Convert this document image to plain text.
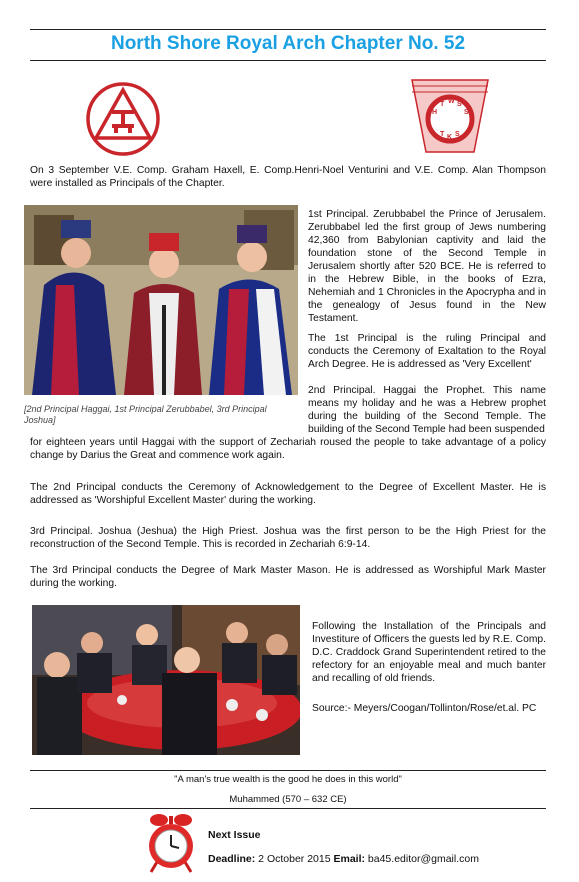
North Shore Royal Arch Chapter No. 52
H
T W S
S
T K S

On 3 September V.E. Comp. Graham Haxell, E. Comp.Henri-Noel Venturini and V.E. Comp. Alan Thompson were installed as Principals of the Chapter.

[2nd Principal Haggai, 1st Principal Zerubbabel, 3rd Principal Joshua]

1st Principal. Zerubbabel the Prince of Jerusalem. Zerubbabel led the first group of Jews numbering 42,360 from Babylonian captivity and laid the foundation stone of the Second Temple in Jerusalem shortly after 520 BCE. He is referred to in the Hebrew Bible, in the books of Ezra, Nehemiah and 1 Chronicles in the Apocrypha and in the genealogy of Jesus found in the New Testament.

The 1st Principal is the ruling Principal and conducts the Ceremony of Exaltation to the Royal Arch Degree. He is addressed as 'Very Excellent'

2nd Principal. Haggai the Prophet. This name means my holiday and he was a Hebrew prophet during the building of the Second Temple. The building of the Second Temple had been suspended

for eighteen years until Haggai with the support of Zechariah roused the people to take advantage of a policy change by Darius the Great and commence work again.

The 2nd Principal conducts the Ceremony of Acknowledgement to the Degree of Excellent Master. He is addressed as 'Worshipful Excellent Master' during the working.

3rd Principal. Joshua (Jeshua) the High Priest. Joshua was the first person to be the High Priest for the reconstruction of the Second Temple. This is recorded in Zechariah 6:9-14.

The 3rd Principal conducts the Degree of Mark Master Mason. He is addressed as Worshipful Mark Master during the working.

Following the Installation of the Principals and Investiture of Officers the guests led by R.E. Comp. D.C. Craddock Grand Superintendent retired to the refectory for an enjoyable meal and much banter and recalling of old friends.

Source:- Meyers/Coogan/Tollinton/Rose/et.al. PC

"A man's true wealth is the good he does in this world"
Muhammed (570 – 632 CE)
Next Issue
Deadline: 2 October 2015 Email: ba45.editor@gmail.com
